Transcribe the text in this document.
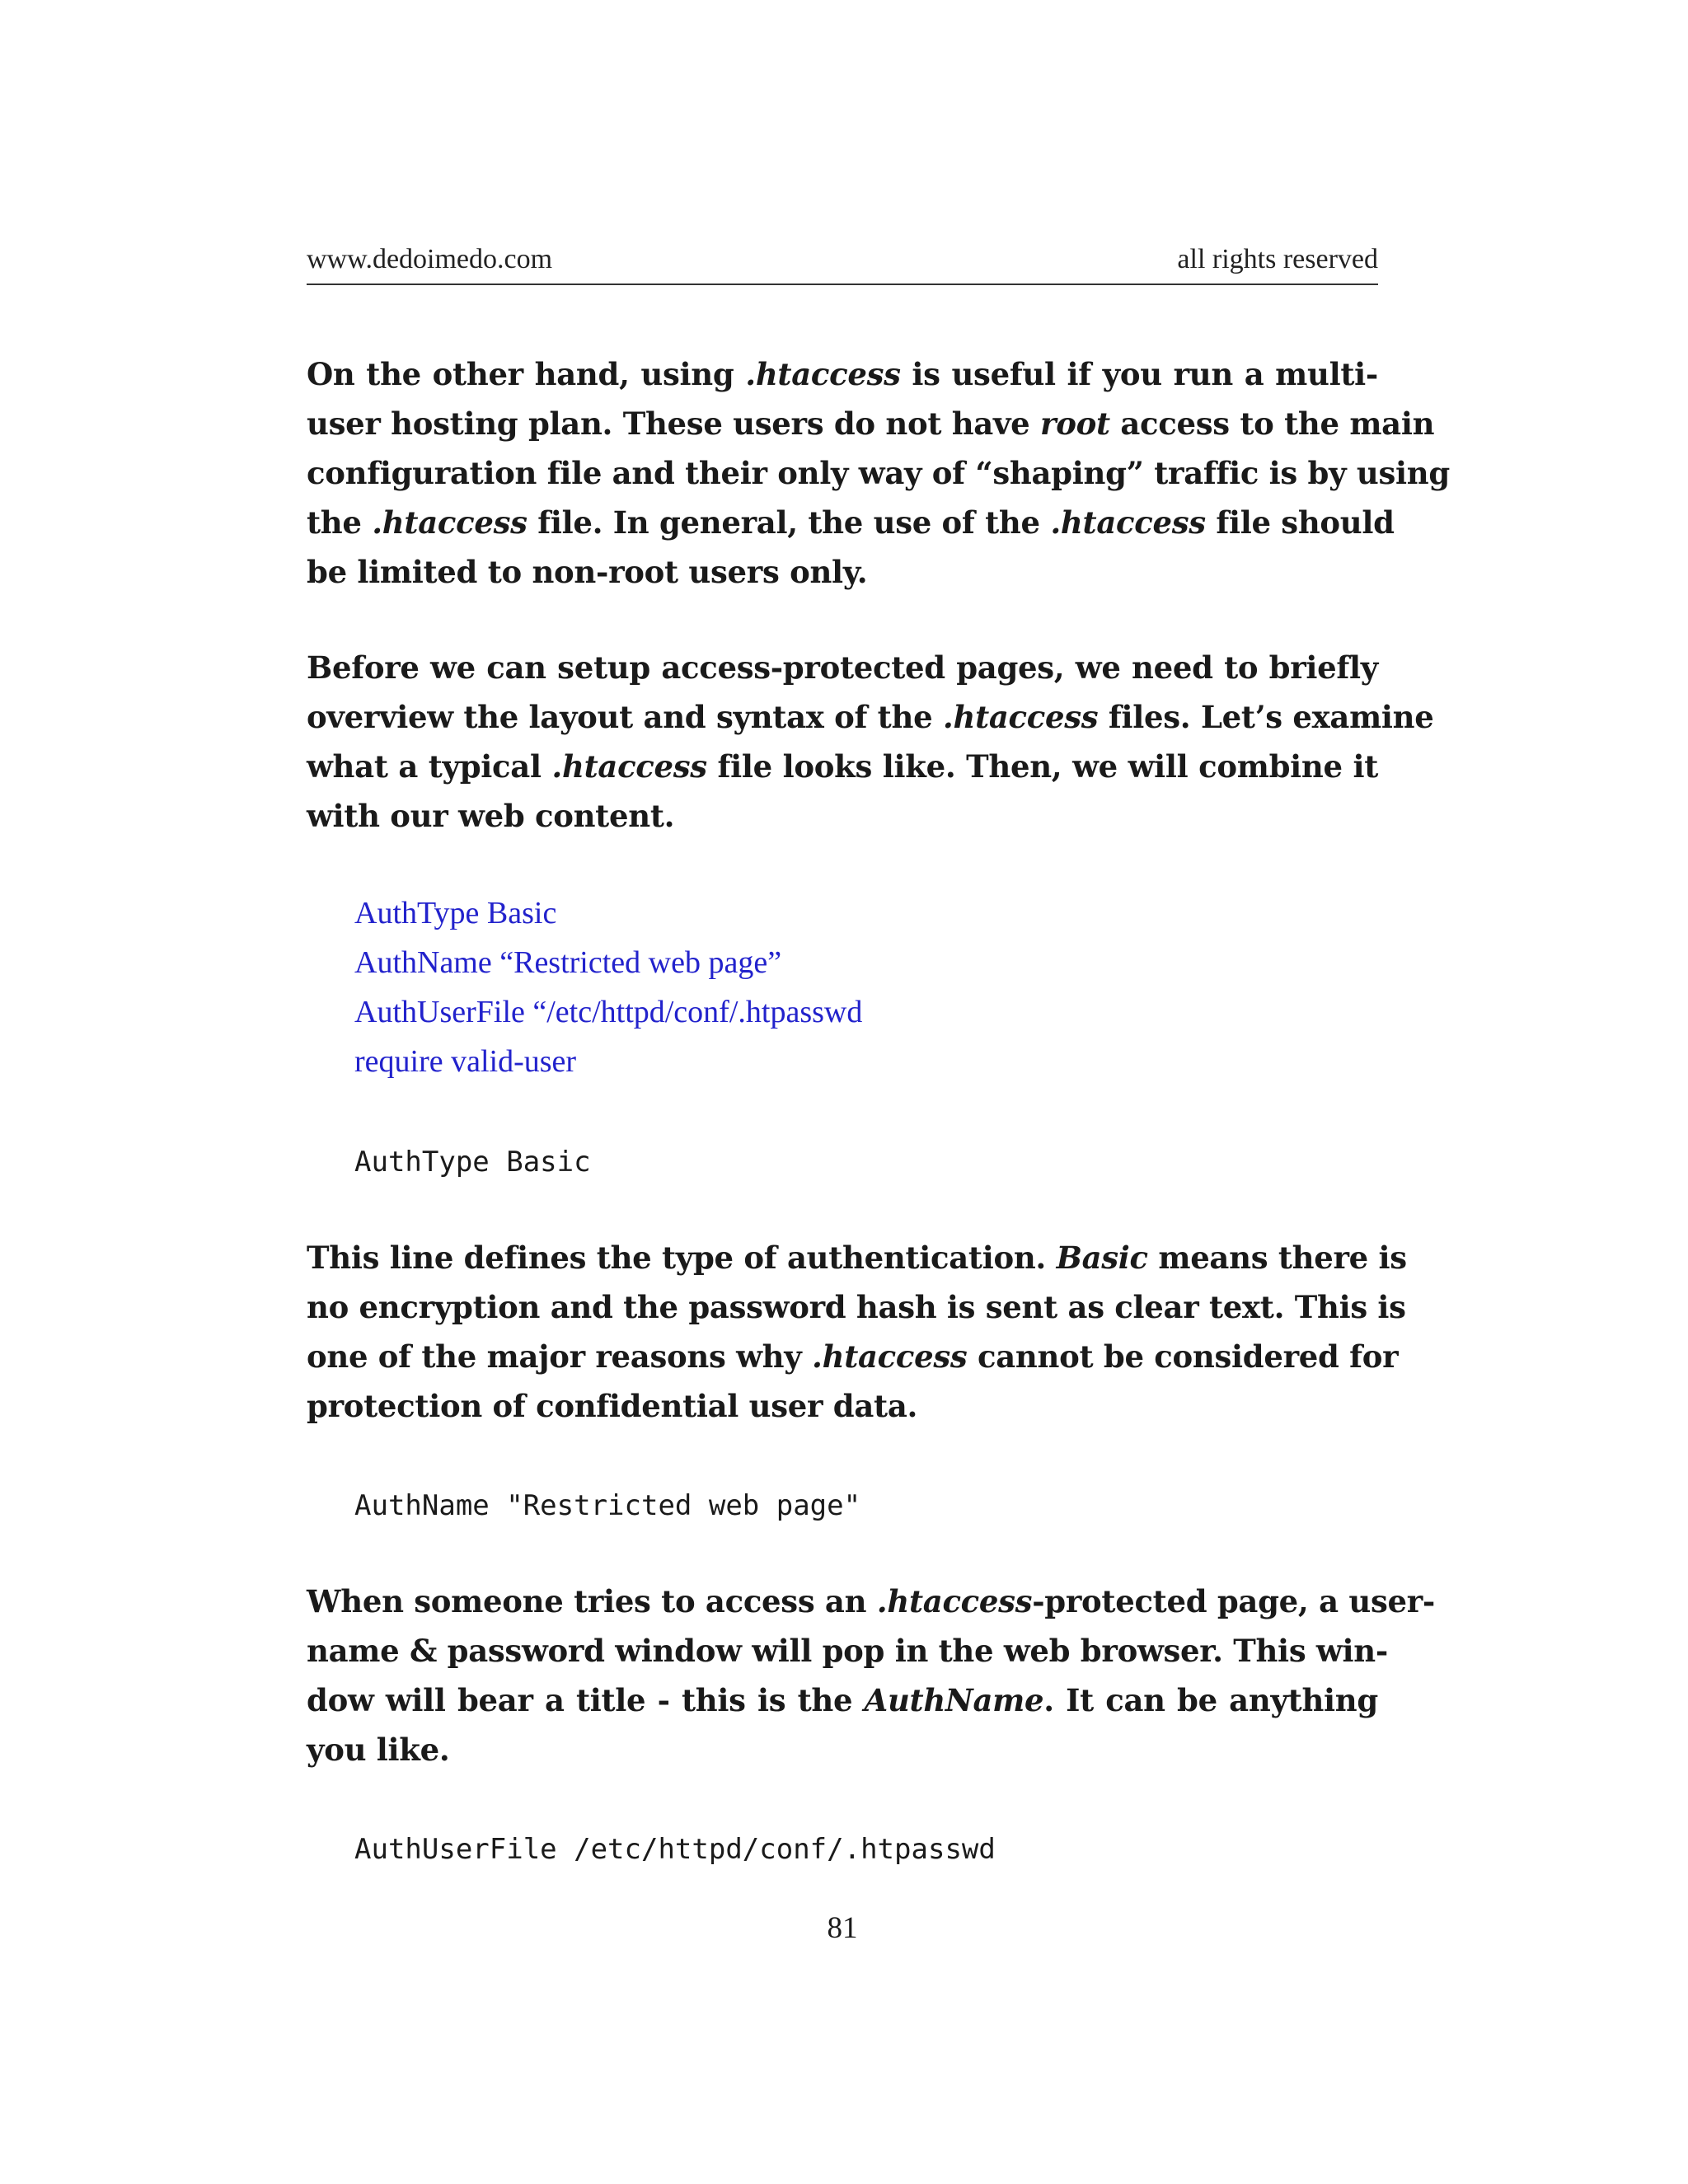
www.dedoimedo.com	all rights reserved
On the other hand, using .htaccess is useful if you run a multi-
user hosting plan. These users do not have root access to the main
configuration file and their only way of “shaping” traffic is by using
the .htaccess file. In general, the use of the .htaccess file should
be limited to non-root users only.
Before we can setup access-protected pages, we need to briefly
overview the layout and syntax of the .htaccess files. Let’s examine
what a typical .htaccess file looks like. Then, we will combine it
with our web content.
AuthType Basic
AuthName “Restricted web page”
AuthUserFile “/etc/httpd/conf/.htpasswd
require valid-user
AuthType Basic
This line defines the type of authentication. Basic means there is
no encryption and the password hash is sent as clear text. This is
one of the major reasons why .htaccess cannot be considered for
protection of confidential user data.
AuthName "Restricted web page"
When someone tries to access an .htaccess-protected page, a user-
name & password window will pop in the web browser. This win-
dow will bear a title - this is the AuthName. It can be anything
you like.
AuthUserFile /etc/httpd/conf/.htpasswd
81
